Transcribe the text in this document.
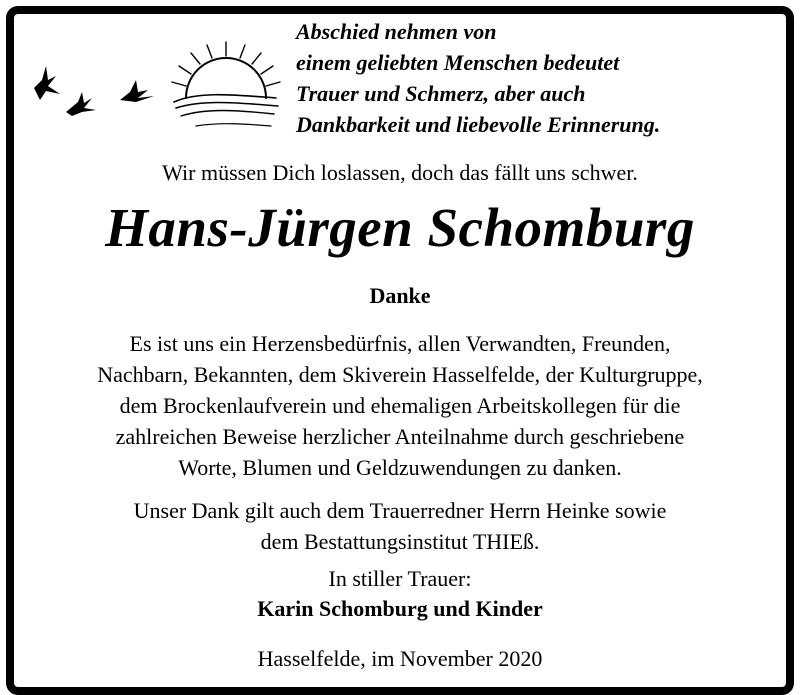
Abschied nehmen von
einem geliebten Menschen bedeutet
Trauer und Schmerz, aber auch
Dankbarkeit und liebevolle Erinnerung.
Wir müssen Dich loslassen, doch das fällt uns schwer.
Hans-Jürgen Schomburg
Danke
Es ist uns ein Herzensbedürfnis, allen Verwandten, Freunden,
Nachbarn, Bekannten, dem Skiverein Hasselfelde, der Kulturgruppe,
dem Brockenlaufverein und ehemaligen Arbeitskollegen für die
zahlreichen Beweise herzlicher Anteilnahme durch geschriebene
Worte, Blumen und Geldzuwendungen zu danken.
Unser Dank gilt auch dem Trauerredner Herrn Heinke sowie
dem Bestattungsinstitut THIEß.
In stiller Trauer:
Karin Schomburg und Kinder
Hasselfelde, im November 2020
